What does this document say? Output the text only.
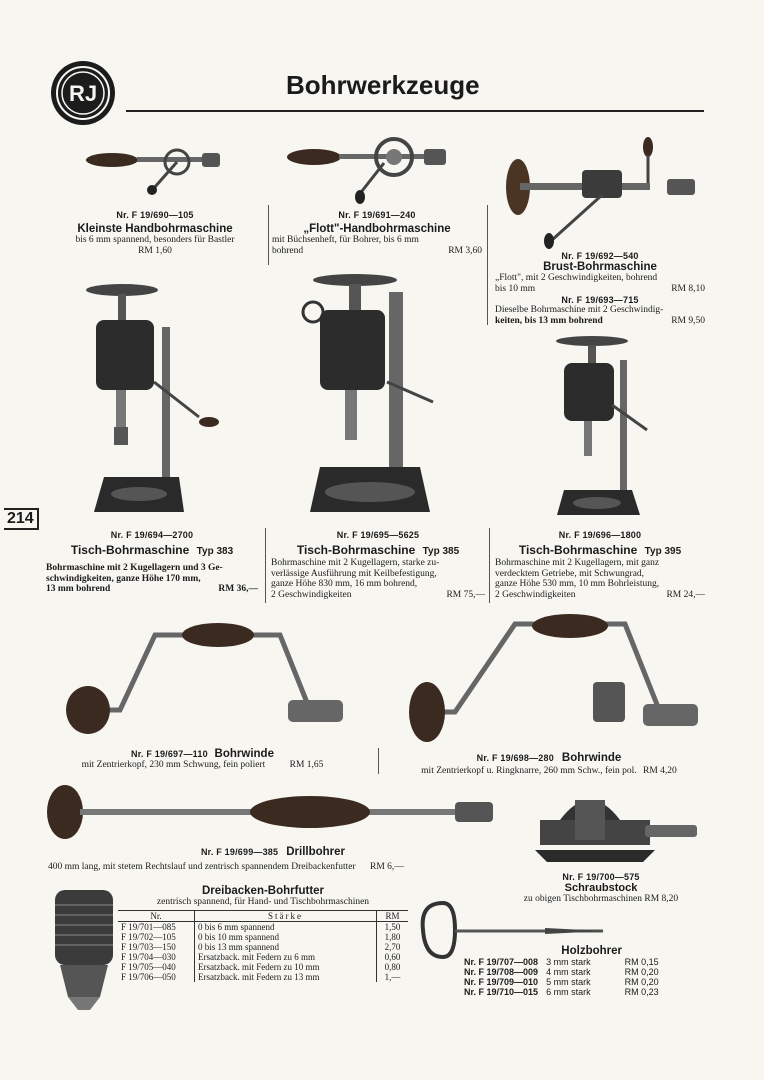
RJ	Bohrwerkzeuge
214
Nr. F 19/690—105
Kleinste Handbohrmaschine
bis 6 mm spannend, besonders für Bastler
RM 1,60
Nr. F 19/691—240
„Flott"-Handbohrmaschine
mit Büchsenheft, für Bohrer, bis 6 mm
bohrend	RM 3,60
Nr. F 19/692—540
Brust-Bohrmaschine
„Flott", mit 2 Geschwindigkeiten, bohrend
bis 10 mm	RM 8,10
Nr. F 19/693—715
Dieselbe Bohrmaschine mit 2 Geschwindig-
keiten, bis 13 mm bohrend	RM 9,50
Nr. F 19/694—2700
Tisch-Bohrmaschine Typ 383
Bohrmaschine mit 2 Kugellagern und 3 Ge-
schwindigkeiten, ganze Höhe 170 mm,
13 mm bohrend	RM 36,—
Nr. F 19/695—5625
Tisch-Bohrmaschine Typ 385
Bohrmaschine mit 2 Kugellagern, starke zu-
verlässige Ausführung mit Keilbefestigung,
ganze Höhe 830 mm, 16 mm bohrend,
2 Geschwindigkeiten	RM 75,—
Nr. F 19/696—1800
Tisch-Bohrmaschine Typ 395
Bohrmaschine mit 2 Kugellagern, mit ganz
verdecktem Getriebe, mit Schwungrad,
ganze Höhe 530 mm, 10 mm Bohrleistung,
2 Geschwindigkeiten	RM 24,—
Nr. F 19/697—110 Bohrwinde
mit Zentrierkopf, 230 mm Schwung, fein poliert	RM 1,65
Nr. F 19/698—280 Bohrwinde
mit Zentrierkopf u. Ringknarre, 260 mm Schw., fein pol. RM 4,20
Nr. F 19/699—385 Drillbohrer
400 mm lang, mit stetem Rechtslauf und zentrisch spannendem Dreibackenfutter RM 6,—
Nr. F 19/700—575
Schraubstock
zu obigen Tischbohrmaschinen RM 8,20
Dreibacken-Bohrfutter
zentrisch spannend, für Hand- und Tischbohrmaschinen
Nr.	Stärke	RM
F 19/701—085	0 bis 6 mm spannend	1,50
F 19/702—105	0 bis 10 mm spannend	1,80
F 19/703—150	0 bis 13 mm spannend	2,70
F 19/704—030	Ersatzback. mit Federn zu 6 mm	0,60
F 19/705—040	Ersatzback. mit Federn zu 10 mm	0,80
F 19/706—050	Ersatzback. mit Federn zu 13 mm	1,—
Holzbohrer
Nr. F 19/707—008	3 mm stark	RM 0,15
Nr. F 19/708—009	4 mm stark	RM 0,20
Nr. F 19/709—010	5 mm stark	RM 0,20
Nr. F 19/710—015	6 mm stark	RM 0,23
